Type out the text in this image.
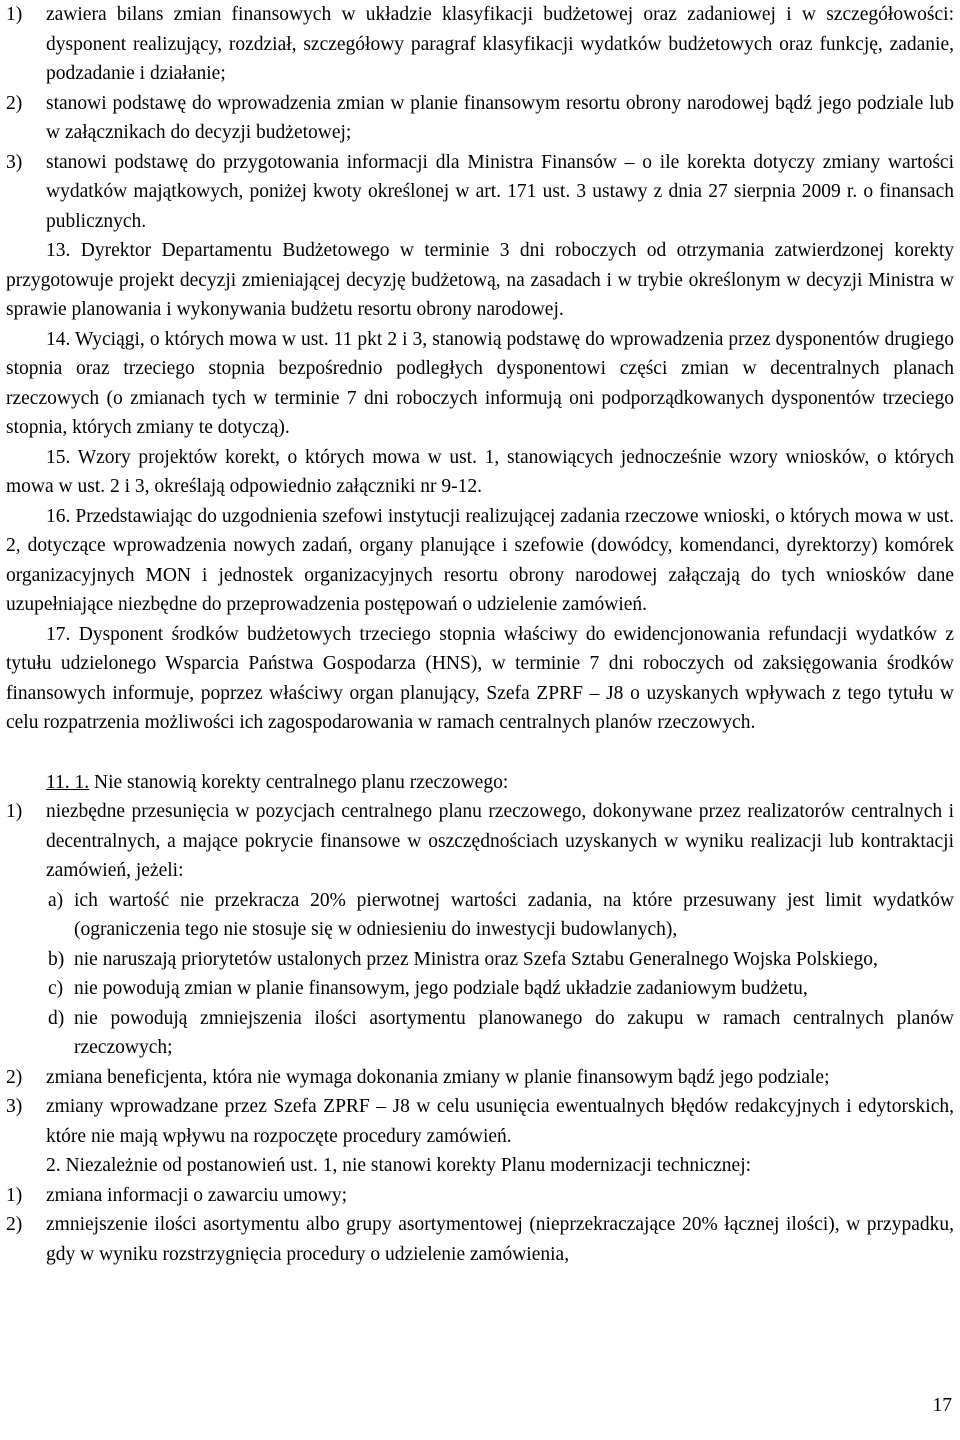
1)	zawiera bilans zmian finansowych w układzie klasyfikacji budżetowej oraz zadaniowej i w szczegółowości: dysponent realizujący, rozdział, szczegółowy paragraf klasyfikacji wydatków budżetowych oraz funkcję, zadanie, podzadanie i działanie;
2)	stanowi podstawę do wprowadzenia zmian w planie finansowym resortu obrony narodowej bądź jego podziale lub w załącznikach do decyzji budżetowej;
3)	stanowi podstawę do przygotowania informacji dla Ministra Finansów – o ile korekta dotyczy zmiany wartości wydatków majątkowych, poniżej kwoty określonej w art. 171 ust. 3 ustawy z dnia 27 sierpnia 2009 r. o finansach publicznych.

13. Dyrektor Departamentu Budżetowego w terminie 3 dni roboczych od otrzymania zatwierdzonej korekty przygotowuje projekt decyzji zmieniającej decyzję budżetową, na zasadach i w trybie określonym w decyzji Ministra w sprawie planowania i wykonywania budżetu resortu obrony narodowej.

14. Wyciągi, o których mowa w ust. 11 pkt 2 i 3, stanowią podstawę do wprowadzenia przez dysponentów drugiego stopnia oraz trzeciego stopnia bezpośrednio podległych dysponentowi części zmian w decentralnych planach rzeczowych (o zmianach tych w terminie 7 dni roboczych informują oni podporządkowanych dysponentów trzeciego stopnia, których zmiany te dotyczą).

15. Wzory projektów korekt, o których mowa w ust. 1, stanowiących jednocześnie wzory wniosków, o których mowa w ust. 2 i 3, określają odpowiednio załączniki nr 9-12.

16. Przedstawiając do uzgodnienia szefowi instytucji realizującej zadania rzeczowe wnioski, o których mowa w ust. 2, dotyczące wprowadzenia nowych zadań, organy planujące i szefowie (dowódcy, komendanci, dyrektorzy) komórek organizacyjnych MON i jednostek organizacyjnych resortu obrony narodowej załączają do tych wniosków dane uzupełniające niezbędne do przeprowadzenia postępowań o udzielenie zamówień.

17. Dysponent środków budżetowych trzeciego stopnia właściwy do ewidencjonowania refundacji wydatków z tytułu udzielonego Wsparcia Państwa Gospodarza (HNS), w terminie 7 dni roboczych od zaksięgowania środków finansowych informuje, poprzez właściwy organ planujący, Szefa ZPRF – J8 o uzyskanych wpływach z tego tytułu w celu rozpatrzenia możliwości ich zagospodarowania w ramach centralnych planów rzeczowych.

11. 1. Nie stanowią korekty centralnego planu rzeczowego:
1)	niezbędne przesunięcia w pozycjach centralnego planu rzeczowego, dokonywane przez realizatorów centralnych i decentralnych, a mające pokrycie finansowe w oszczędnościach uzyskanych w wyniku realizacji lub kontraktacji zamówień, jeżeli:
a) ich wartość nie przekracza 20% pierwotnej wartości zadania, na które przesuwany jest limit wydatków (ograniczenia tego nie stosuje się w odniesieniu do inwestycji budowlanych),
b) nie naruszają priorytetów ustalonych przez Ministra oraz Szefa Sztabu Generalnego Wojska Polskiego,
c) nie powodują zmian w planie finansowym, jego podziale bądź układzie zadaniowym budżetu,
d) nie powodują zmniejszenia ilości asortymentu planowanego do zakupu w ramach centralnych planów rzeczowych;
2)	zmiana beneficjenta, która nie wymaga dokonania zmiany w planie finansowym bądź jego podziale;
3)	zmiany wprowadzane przez Szefa ZPRF – J8 w celu usunięcia ewentualnych błędów redakcyjnych i edytorskich, które nie mają wpływu na rozpoczęte procedury zamówień.

2. Niezależnie od postanowień ust. 1, nie stanowi korekty Planu modernizacji technicznej:

1)	zmiana informacji o zawarciu umowy;
2)	zmniejszenie ilości asortymentu albo grupy asortymentowej (nieprzekraczające 20% łącznej ilości), w przypadku, gdy w wyniku rozstrzygnięcia procedury o udzielenie zamówienia,
17
